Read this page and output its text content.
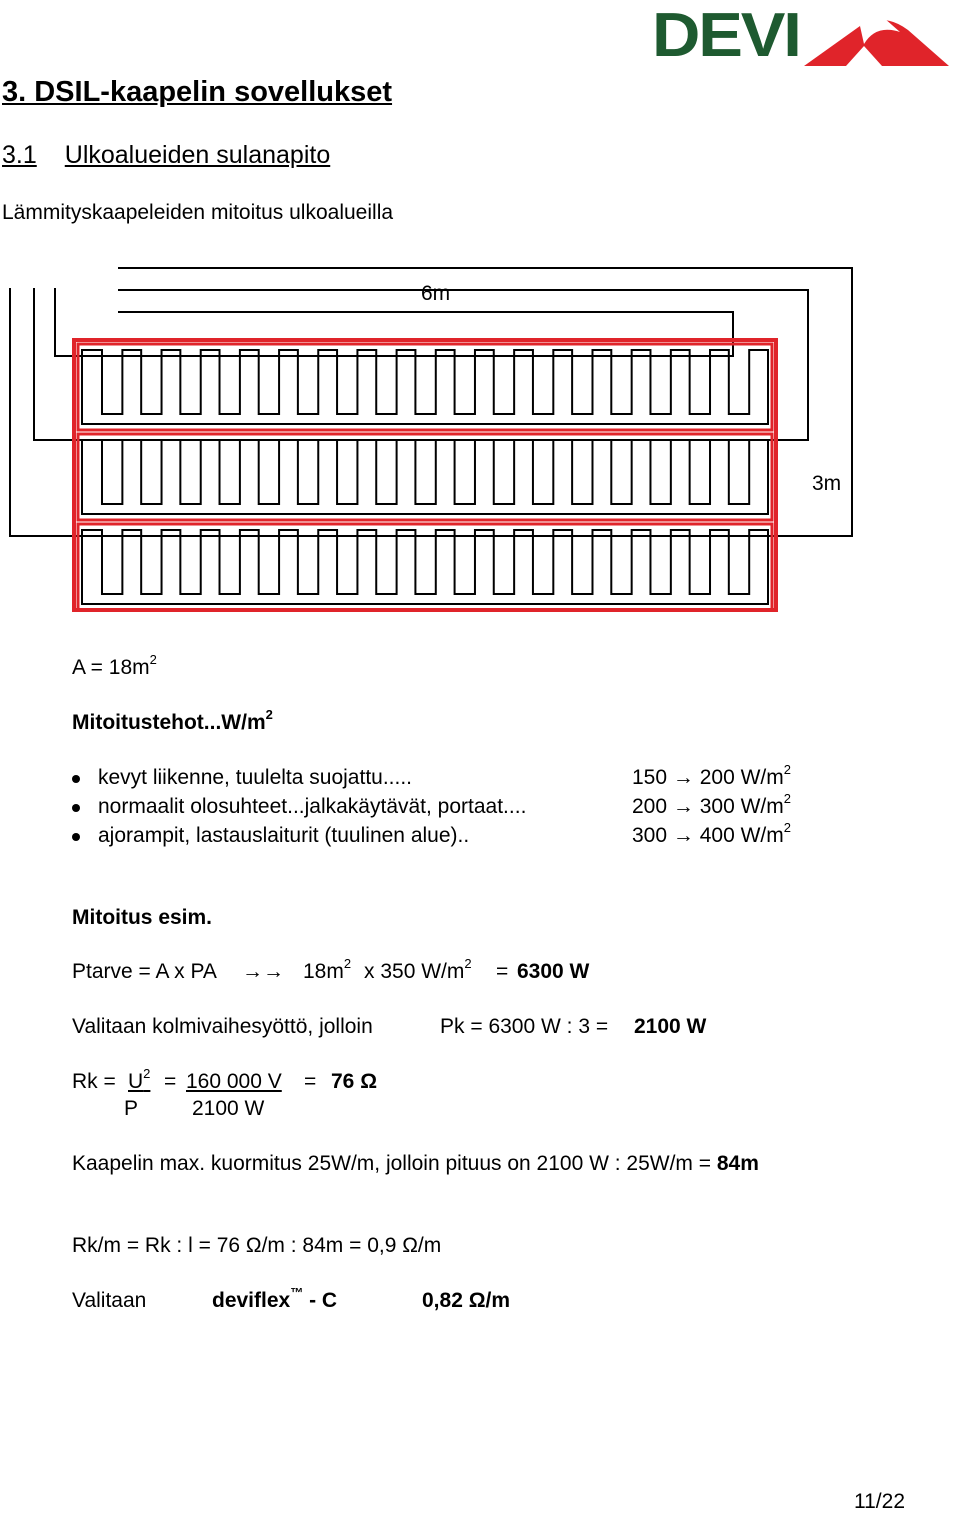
DEVI
3. DSIL-kaapelin sovellukset
3.1 Ulkoalueiden sulanapito
Lämmityskaapeleiden mitoitus ulkoalueilla
6m
3m
$A = 18m^2$
$Mitoitustehot...W/m^2$
kevyt liikenne, tuulelta suojattu.....	150 → 200 $W/m^2$
normaalit olosuhteet...jalkakäytävät, portaat....	200 → 300 $W/m^2$
ajorampit, lastauslaiturit (tuulinen alue)..	300 → 400 $W/m^2$
Mitoitus esim.
Ptarve = A x PA →→ $18m^2$ x 350 $W/m^2 = 6300$ W
Valitaan kolmivaihesyöttö, jolloin	Pk = 6300 W : 3 = 2100 W
$Rk = U^2$
P
= 160 000 V
2100 W
= 76 Ω
Kaapelin max. kuormitus 25W/m, jolloin pituus on 2100 W : 25W/m = 84m
Rk/m = Rk : l = 76 Ω/m : 84m = 0,9 Ω/m
Valitaan	deviflex™ - C	0,82 Ω/m
11/22
